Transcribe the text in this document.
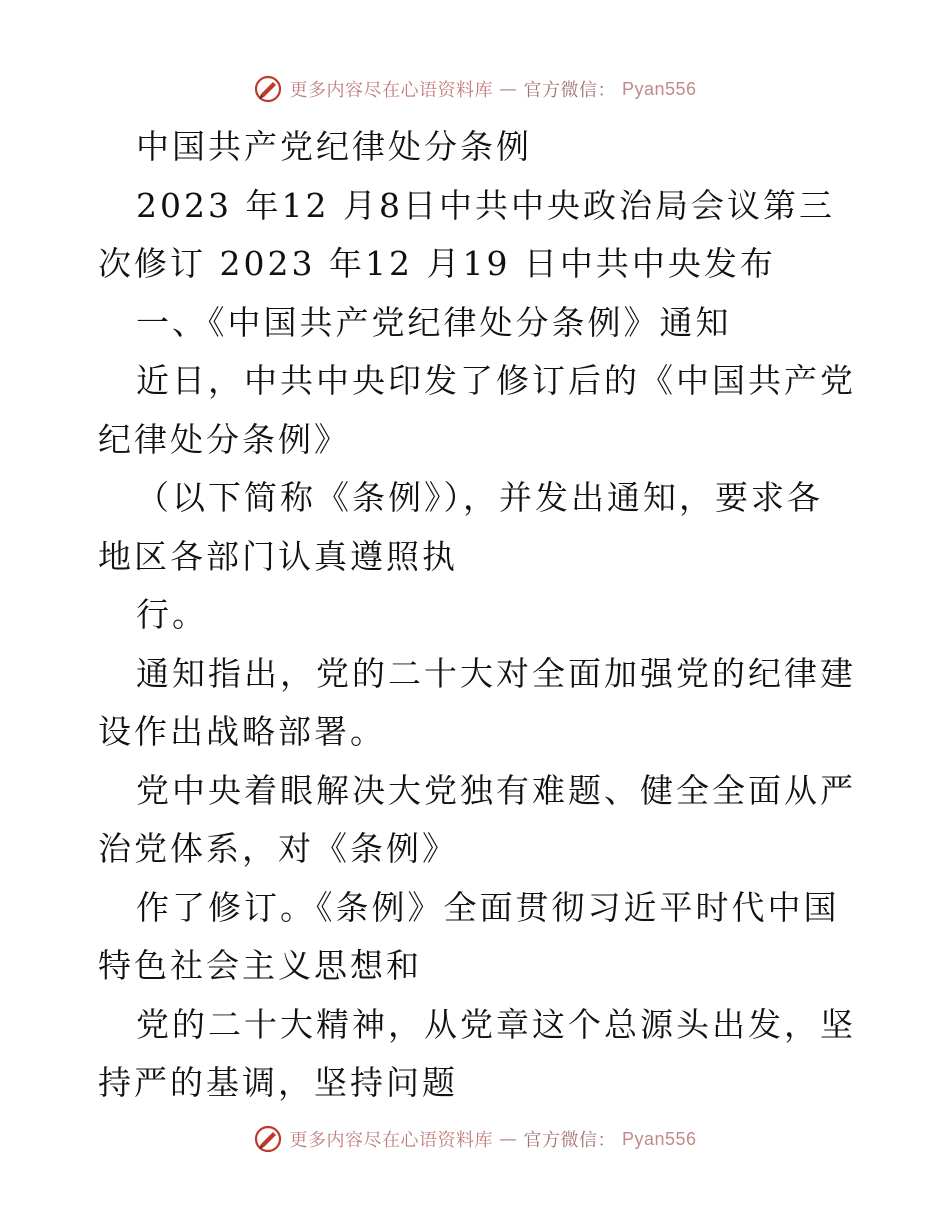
更多内容尽在心语资料库 — 官方微信： Pyan556

中国共产党纪律处分条例

2023 年12 月8日中共中央政治局会议第三次修订 2023 年12 月19 日中共中央发布

一、《中国共产党纪律处分条例》通知

近日，中共中央印发了修订后的《中国共产党纪律处分条例》

（以下简称《条例》），并发出通知，要求各地区各部门认真遵照执

行。

通知指出，党的二十大对全面加强党的纪律建设作出战略部署。

党中央着眼解决大党独有难题、健全全面从严治党体系，对《条例》

作了修订。《条例》全面贯彻习近平时代中国特色社会主义思想和

党的二十大精神，从党章这个总源头出发，坚持严的基调，坚持问题

更多内容尽在心语资料库 — 官方微信： Pyan556
